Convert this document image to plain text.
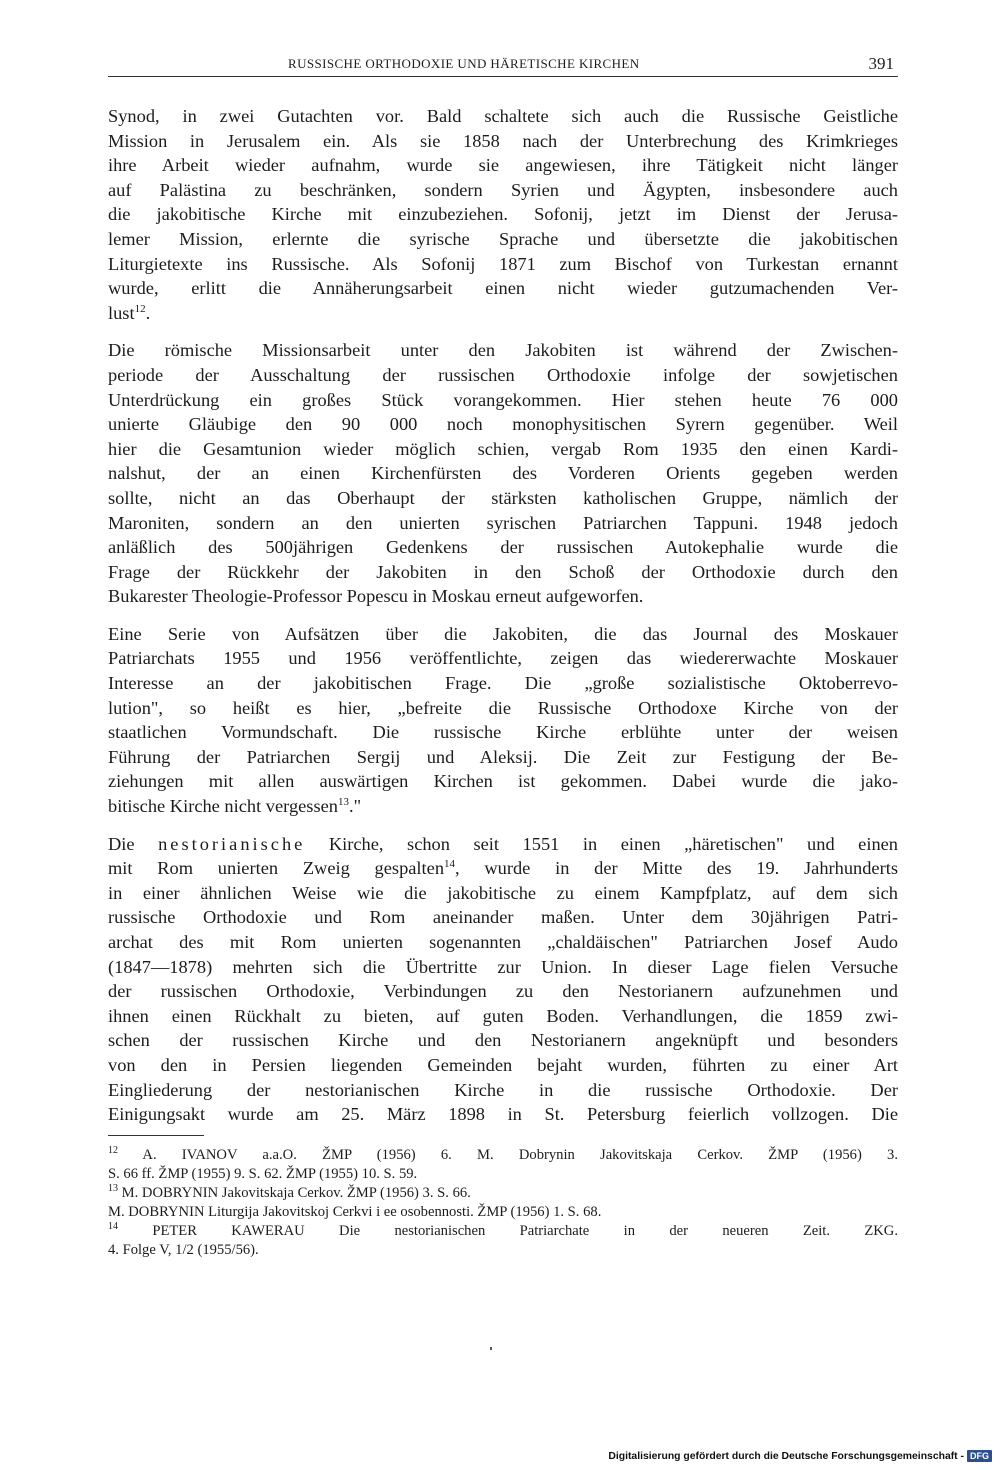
RUSSISCHE ORTHODOXIE UND HÄRETISCHE KIRCHEN	391

Synod, in zwei Gutachten vor. Bald schaltete sich auch die Russische Geistliche
Mission in Jerusalem ein. Als sie 1858 nach der Unterbrechung des Krimkrieges
ihre Arbeit wieder aufnahm, wurde sie angewiesen, ihre Tätigkeit nicht länger
auf Palästina zu beschränken, sondern Syrien und Ägypten, insbesondere auch
die jakobitische Kirche mit einzubeziehen. Sofonij, jetzt im Dienst der Jerusa-
lemer Mission, erlernte die syrische Sprache und übersetzte die jakobitischen
Liturgietexte ins Russische. Als Sofonij 1871 zum Bischof von Turkestan ernannt
wurde, erlitt die Annäherungsarbeit einen nicht wieder gutzumachenden Ver-
lust$^{12}$.

Die römische Missionsarbeit unter den Jakobiten ist während der Zwischen-
periode der Ausschaltung der russischen Orthodoxie infolge der sowjetischen
Unterdrückung ein großes Stück vorangekommen. Hier stehen heute 76 000
unierte Gläubige den 90 000 noch monophysitischen Syrern gegenüber. Weil
hier die Gesamtunion wieder möglich schien, vergab Rom 1935 den einen Kardi-
nalshut, der an einen Kirchenfürsten des Vorderen Orients gegeben werden
sollte, nicht an das Oberhaupt der stärksten katholischen Gruppe, nämlich der
Maroniten, sondern an den unierten syrischen Patriarchen Tappuni. 1948 jedoch
anläßlich des 500jährigen Gedenkens der russischen Autokephalie wurde die
Frage der Rückkehr der Jakobiten in den Schoß der Orthodoxie durch den
Bukarester Theologie-Professor Popescu in Moskau erneut aufgeworfen.

Eine Serie von Aufsätzen über die Jakobiten, die das Journal des Moskauer
Patriarchats 1955 und 1956 veröffentlichte, zeigen das wiedererwachte Moskauer
Interesse an der jakobitischen Frage. Die „große sozialistische Oktoberrevo-
lution", so heißt es hier, „befreite die Russische Orthodoxe Kirche von der
staatlichen Vormundschaft. Die russische Kirche erblühte unter der weisen
Führung der Patriarchen Sergij und Aleksij. Die Zeit zur Festigung der Be-
ziehungen mit allen auswärtigen Kirchen ist gekommen. Dabei wurde die jako-
bitische Kirche nicht vergessen$^{13}$."

Die nestorianische Kirche, schon seit 1551 in einen „häretischen" und einen
mit Rom unierten Zweig gespalten$^{14}$, wurde in der Mitte des 19. Jahrhunderts
in einer ähnlichen Weise wie die jakobitische zu einem Kampfplatz, auf dem sich
russische Orthodoxie und Rom aneinander maßen. Unter dem 30jährigen Patri-
archat des mit Rom unierten sogenannten „chaldäischen" Patriarchen Josef Audo
(1847—1878) mehrten sich die Übertritte zur Union. In dieser Lage fielen Versuche
der russischen Orthodoxie, Verbindungen zu den Nestorianern aufzunehmen und
ihnen einen Rückhalt zu bieten, auf guten Boden. Verhandlungen, die 1859 zwi-
schen der russischen Kirche und den Nestorianern angeknüpft und besonders
von den in Persien liegenden Gemeinden bejaht wurden, führten zu einer Art
Eingliederung der nestorianischen Kirche in die russische Orthodoxie. Der
Einigungsakt wurde am 25. März 1898 in St. Petersburg feierlich vollzogen. Die

$^{12}$ A. IVANOV a.a.O. ŽMP (1956) 6. M. Dobrynin Jakovitskaja Cerkov. ŽMP (1956) 3.
S. 66 ff. ŽMP (1955) 9. S. 62. ŽMP (1955) 10. S. 59.

$^{13}$ M. DOBRYNIN Jakovitskaja Cerkov. ŽMP (1956) 3. S. 66.

M. DOBRYNIN Liturgija Jakovitskoj Cerkvi i ee osobennosti. ŽMP (1956) 1. S. 68.

$^{14}$ PETER KAWERAU Die nestorianischen Patriarchate in der neueren Zeit. ZKG.
4. Folge V, 1/2 (1955/56).

Digitalisierung gefördert durch die Deutsche Forschungsgemeinschaft - DFG
